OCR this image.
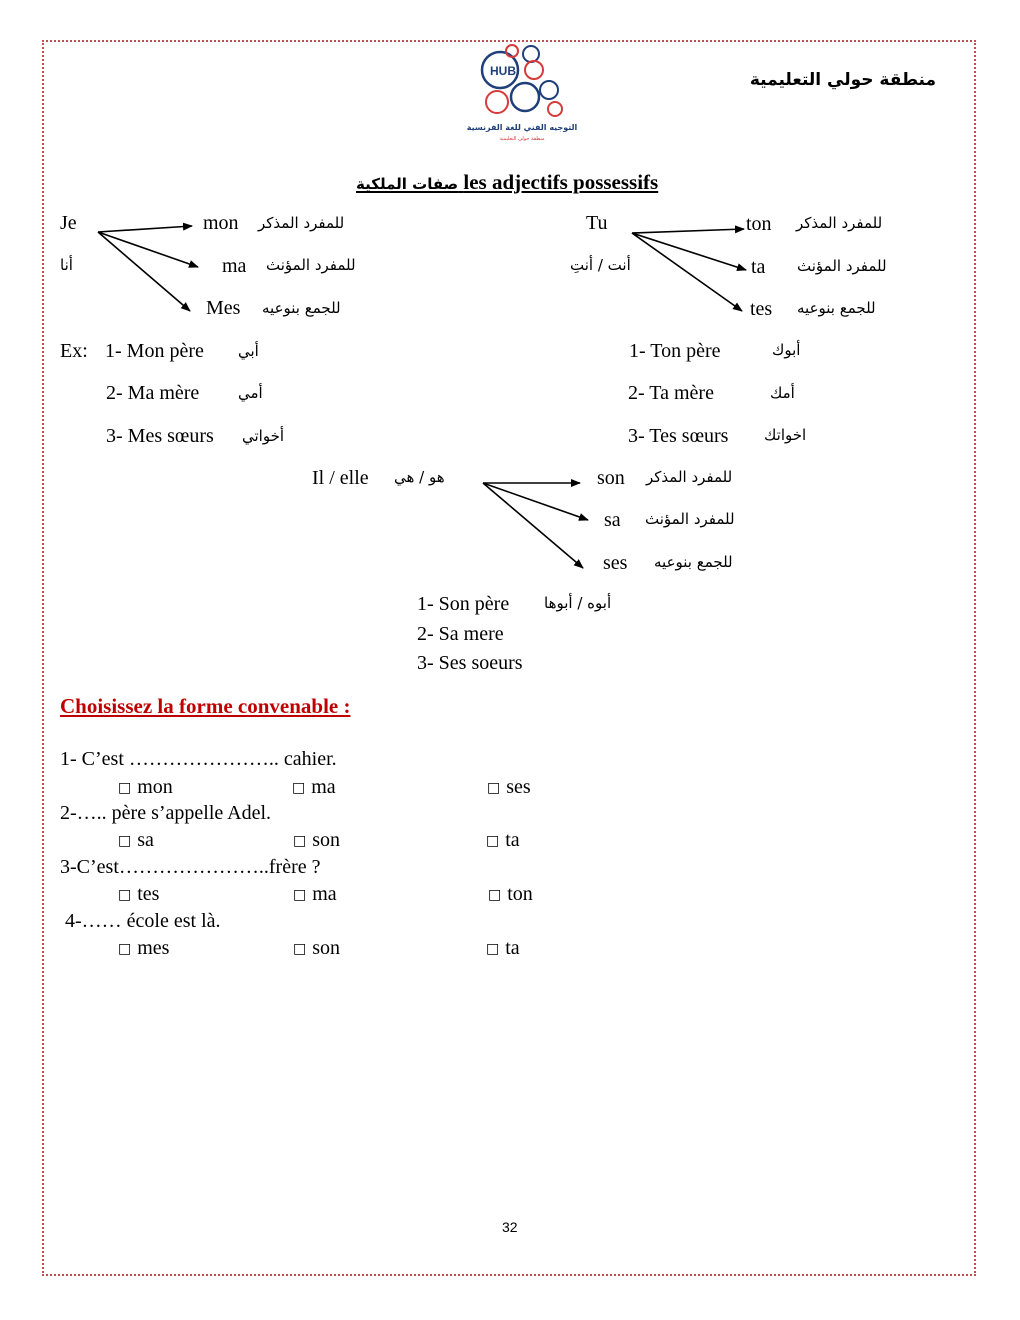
HUB
التوجيه الفني للغة الفرنسية
منطقة حولي التعليمية
منطقة حولي التعليمية
صفات الملكية les adjectifs possessifs
Je
أنا
mon للمفرد المذكر
ma للمفرد المؤنث
Mes للجمع بنوعيه
Ex: 1- Mon père أبي
2- Ma mère	أمي
3- Mes sœurs أخواتي
Tu
أنت / أنتِ
ton للمفرد المذكر
ta للمفرد المؤنث
tes للجمع بنوعيه
1- Ton père	أبوك
2- Ta mère	أمك
3- Tes sœurs اخواتك
Il / elle هو / هي	son للمفرد المذكر
sa للمفرد المؤنث
ses للجمع بنوعيه
1- Son père أبوه / أبوها
2- Sa mere
3- Ses soeurs
Choisissez la forme convenable :
1- C’est ………………….. cahier.
□ mon	□ ma	□ ses
2-….. père s’appelle Adel.
□ sa	□ son	□ ta
3-C’est…………………..frère ?
□ tes	□ ma	□ ton
4-…… école est là.
□ mes	□ son	□ ta
32
